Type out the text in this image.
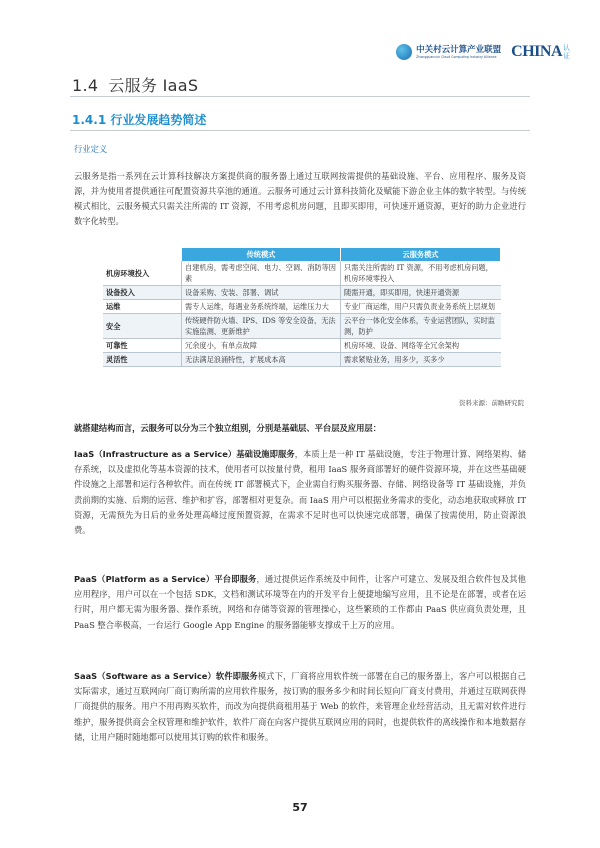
中关村云计算产业联盟
Zhongguancun Cloud Computing Industry Alliance CHINA 认证
1.4 云服务 IaaS
1.4.1 行业发展趋势简述
行业定义

云服务是指一系列在云计算科技解决方案提供商的服务器上通过互联网按需提供的基础设施、平台、应用程序、服务及资源，并为使用者提供通往可配置资源共享池的通道。云服务可通过云计算科技简化及赋能下游企业主体的数字转型。与传统模式相比，云服务模式只需关注所需的 IT 资源，不用考虑机房问题，且即买即用，可快速开通资源，更好的助力企业进行数字化转型。

	传统模式	云服务模式
机房环境投入	自建机房，需考虑空间、电力、空调、消防等因素	只需关注所需的 IT 资源，不用考虑机房问题，机房环境零投入
设备投入	设备采购、安装、部署、调试	随需开通，即买即用，快速开通资源
运维	需专人运维，每遇业务系统终端，运维压力大	专业厂商运维，用户只需负责业务系统上层规划
安全	传统硬件防火墙、IPS、IDS 等安全设备，无法实施监测、更新维护	云平台一体化安全体系，专业运营团队，实时监测，防护
可靠性	冗余度小，有单点故障	机房环境、设备、网络等全冗余架构
灵活性	无法满足浪涌特性，扩展成本高	需求紧贴业务，用多少，买多少
资料来源：前瞻研究院
就搭建结构而言，云服务可以分为三个独立组别，分别是基础层、平台层及应用层：

IaaS（Infrastructure as a Service）基础设施即服务，本质上是一种 IT 基础设施，专注于物理计算、网络架构、储存系统，以及虚拟化等基本资源的技术，使用者可以按量付费，租用 IaaS 服务商部署好的硬件资源环境，并在这些基础硬件设施之上部署和运行各种软件。而在传统 IT 部署模式下，企业需自行购买服务器、存储、网络设备等 IT 基础设施，并负责前期的实施、后期的运营、维护和扩容，部署相对更复杂。而 IaaS 用户可以根据业务需求的变化，动态地获取或释放 IT 资源，无需预先为日后的业务处理高峰过度预置资源，在需求不足时也可以快速完成部署，确保了按需使用，防止资源浪费。

PaaS（Platform as a Service）平台即服务，通过提供运作系统及中间件，让客户可建立、发展及组合软件包及其他应用程序，用户可以在一个包括 SDK，文档和测试环境等在内的开发平台上便捷地编写应用，且不论是在部署，或者在运行时，用户都无需为服务器、操作系统，网络和存储等资源的管理操心，这些繁琐的工作都由 PaaS 供应商负责处理，且 PaaS 整合率极高，一台运行 Google App Engine 的服务器能够支撑成千上万的应用。

SaaS（Software as a Service）软件即服务模式下，厂商将应用软件统一部署在自己的服务器上，客户可以根据自己实际需求，通过互联网向厂商订购所需的应用软件服务，按订购的服务多少和时间长短向厂商支付费用，并通过互联网获得厂商提供的服务。用户不用再购买软件，而改为向提供商租用基于 Web 的软件，来管理企业经营活动，且无需对软件进行维护，服务提供商会全权管理和维护软件，软件厂商在向客户提供互联网应用的同时，也提供软件的离线操作和本地数据存储，让用户随时随地都可以使用其订购的软件和服务。

57
